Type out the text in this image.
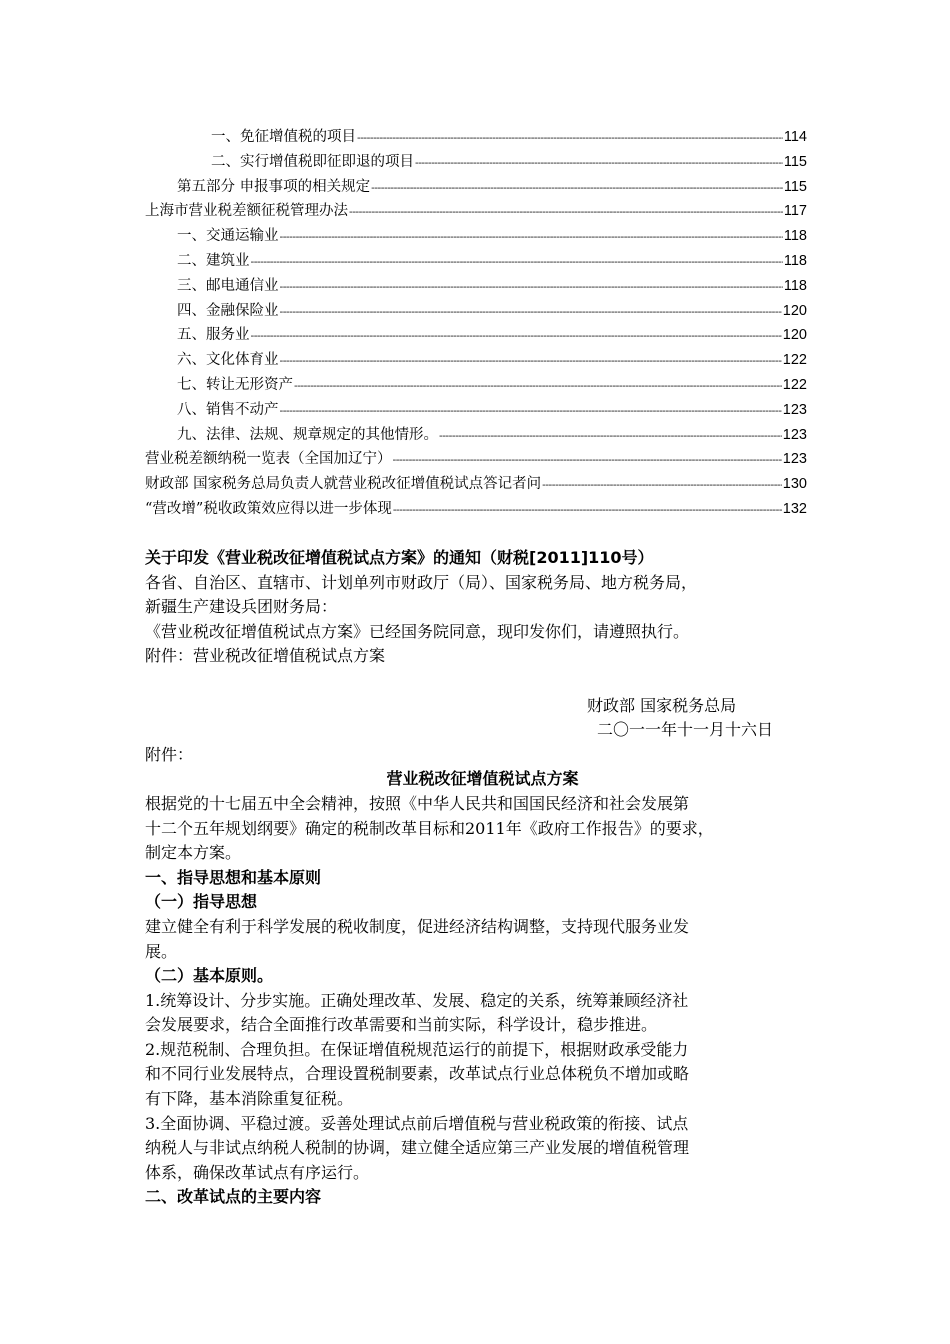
一、免征增值税的项目 -----	114
二、实行增值税即征即退的项目 -----	115
第五部分 申报事项的相关规定 -----	115
上海市营业税差额征税管理办法 -----	117
一、交通运输业 -----	118
二、建筑业 -----	118
三、邮电通信业 -----	118
四、金融保险业 -----	120
五、服务业 -----	120
六、文化体育业 -----	122
七、转让无形资产 -----	122
八、销售不动产 -----	123
九、法律、法规、规章规定的其他情形。 -----	123
营业税差额纳税一览表（全国加辽宁） -----	123
财政部 国家税务总局负责人就营业税改征增值税试点答记者问 -----	130
“营改增”税收政策效应得以进一步体现 -----	132
关于印发《营业税改征增值税试点方案》的通知（财税[2011]110号）
各省、自治区、直辖市、计划单列市财政厅（局）、国家税务局、地方税务局，
新疆生产建设兵团财务局：
《营业税改征增值税试点方案》已经国务院同意，现印发你们，请遵照执行。
附件：营业税改征增值税试点方案
财政部 国家税务总局
二〇一一年十一月十六日
附件：
营业税改征增值税试点方案
根据党的十七届五中全会精神，按照《中华人民共和国国民经济和社会发展第
十二个五年规划纲要》确定的税制改革目标和2011年《政府工作报告》的要求，
制定本方案。
一、指导思想和基本原则
（一）指导思想
建立健全有利于科学发展的税收制度，促进经济结构调整，支持现代服务业发
展。
（二）基本原则。
1.统筹设计、分步实施。正确处理改革、发展、稳定的关系，统筹兼顾经济社
会发展要求，结合全面推行改革需要和当前实际，科学设计，稳步推进。
2.规范税制、合理负担。在保证增值税规范运行的前提下，根据财政承受能力
和不同行业发展特点，合理设置税制要素，改革试点行业总体税负不增加或略
有下降，基本消除重复征税。
3.全面协调、平稳过渡。妥善处理试点前后增值税与营业税政策的衔接、试点
纳税人与非试点纳税人税制的协调，建立健全适应第三产业发展的增值税管理
体系，确保改革试点有序运行。
二、改革试点的主要内容
